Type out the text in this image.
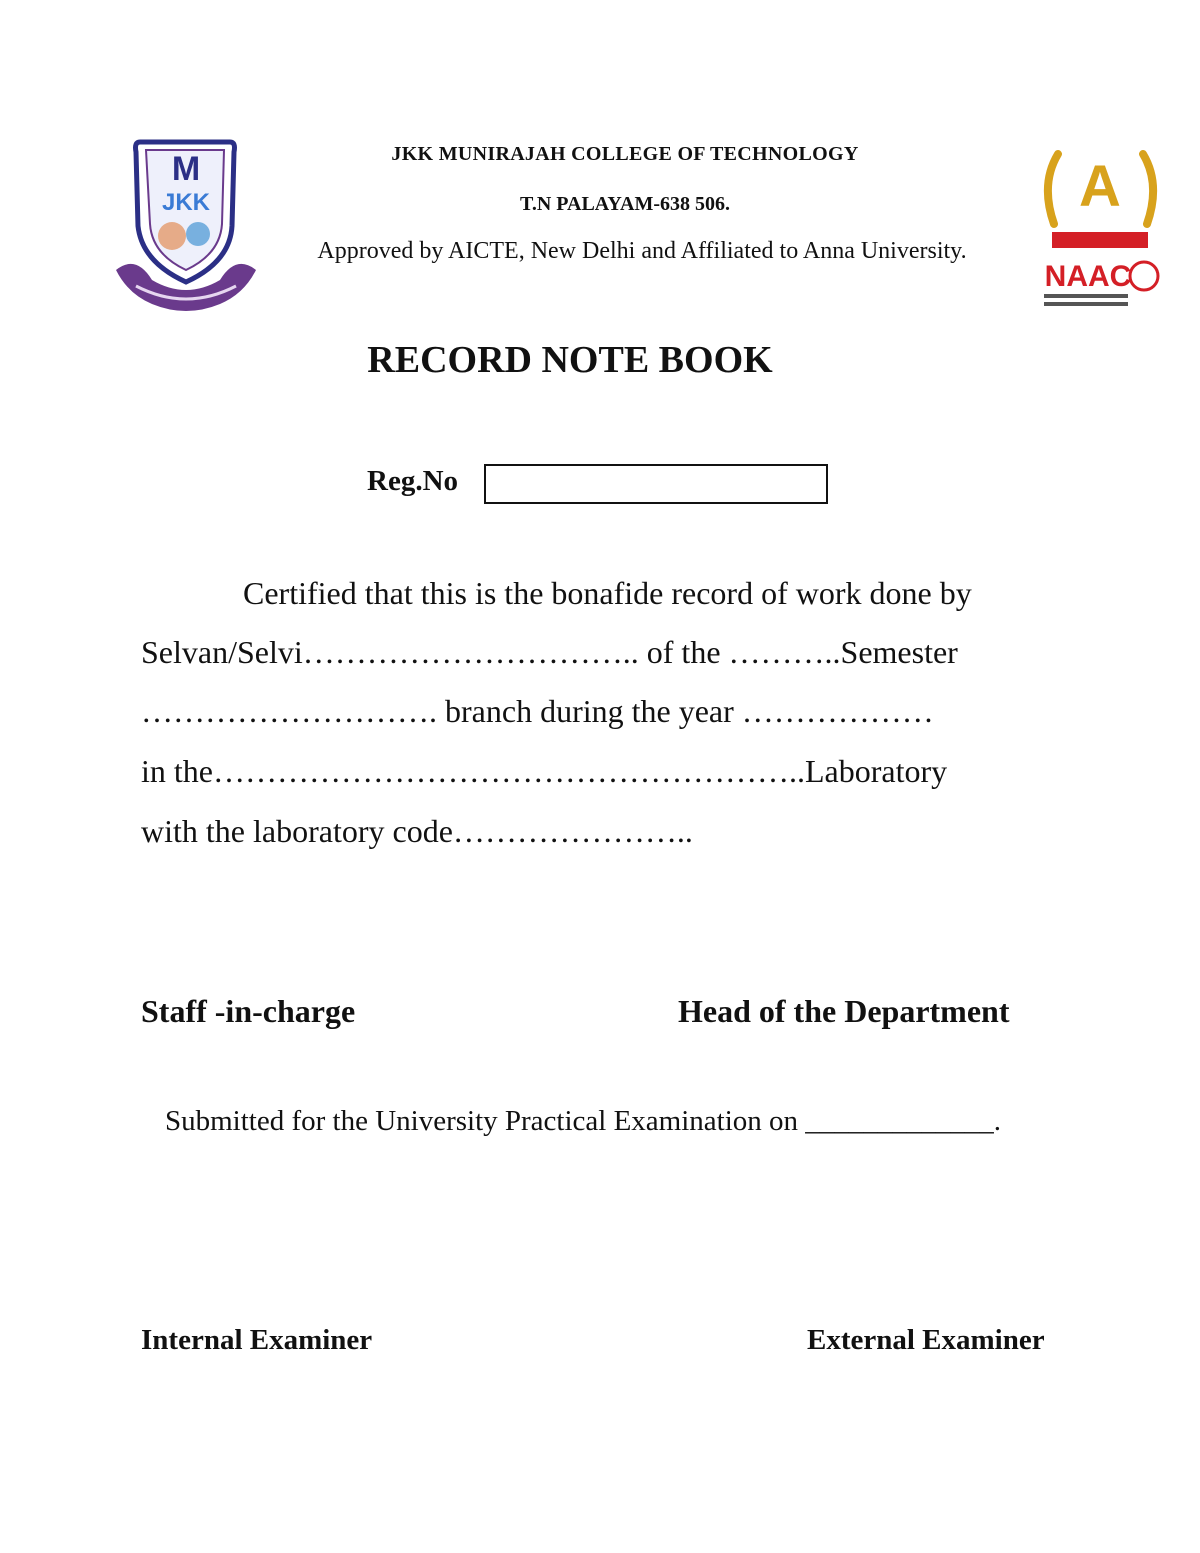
M
JKK
JKK MUNIRAJAH COLLEGE OF TECHNOLOGY
T.N PALAYAM-638 506.
Approved by AICTE, New Delhi and Affiliated to Anna University.
A
NAAC
RECORD NOTE BOOK
Reg.No
Certified that this is the bonafide record of work done by
Selvan/Selvi………………………….. of the ………..Semester
………………………. branch during the year ………………
in the………………………………………………..Laboratory
with the laboratory code…………………..
Staff -in-charge	Head of the Department
Submitted for the University Practical Examination on _____________.
Internal Examiner	External Examiner
